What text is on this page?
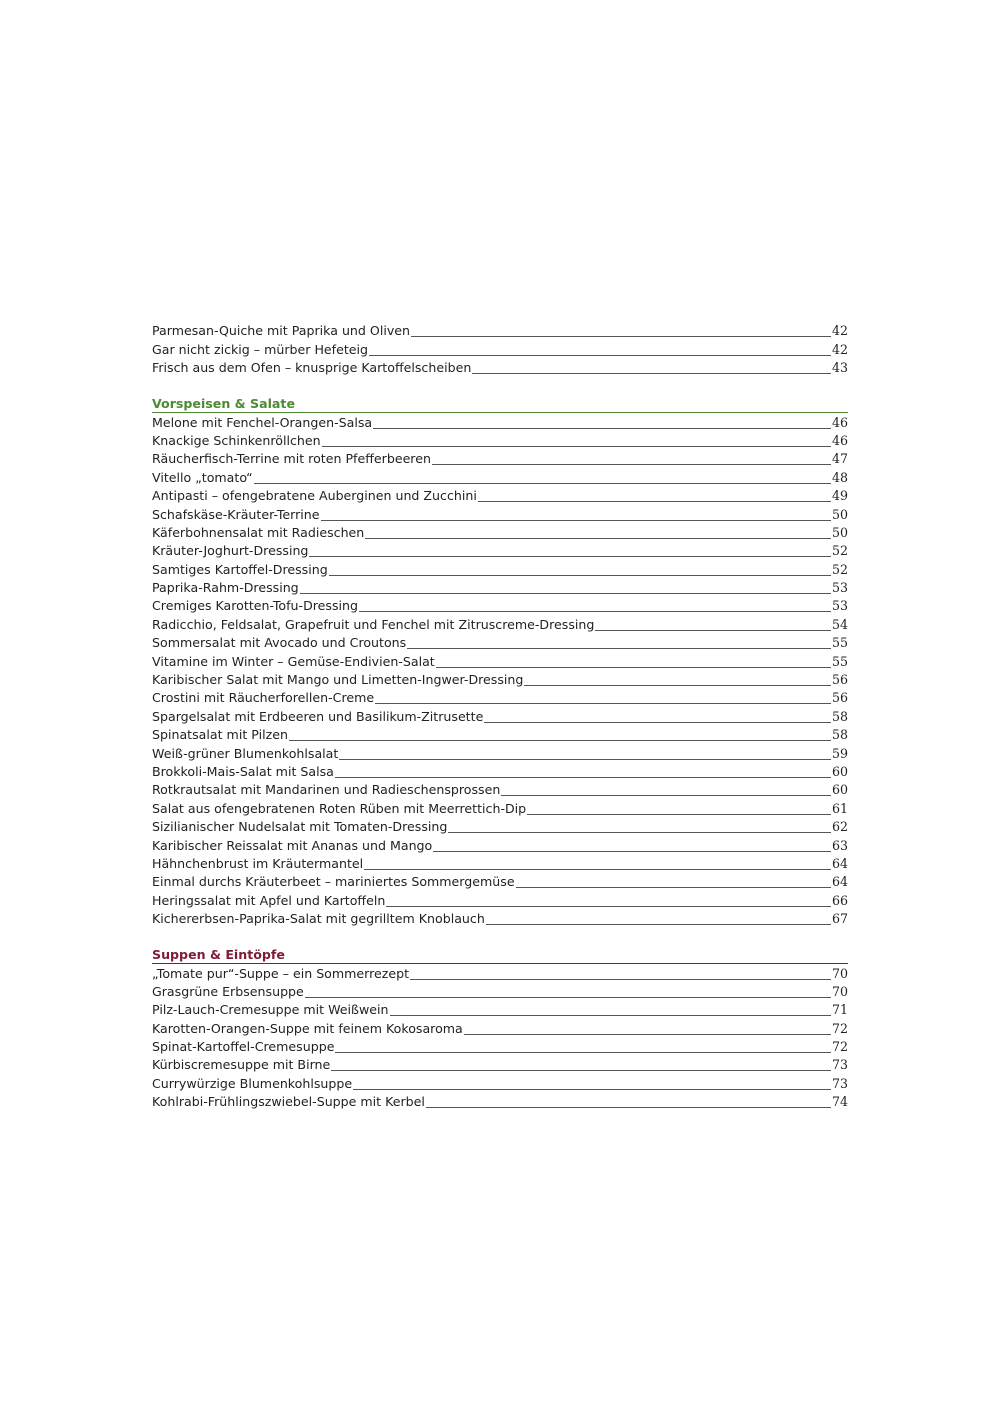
Parmesan-Quiche mit Paprika und Oliven	42
Gar nicht zickig – mürber Hefeteig	42
Frisch aus dem Ofen – knusprige Kartoffelscheiben	43
Vorspeisen & Salate
Melone mit Fenchel-Orangen-Salsa	46
Knackige Schinkenröllchen	46
Räucherfisch-Terrine mit roten Pfefferbeeren	47
Vitello „tomato“	48
Antipasti – ofengebratene Auberginen und Zucchini	49
Schafskäse-Kräuter-Terrine	50
Käferbohnensalat mit Radieschen	50
Kräuter-Joghurt-Dressing	52
Samtiges Kartoffel-Dressing	52
Paprika-Rahm-Dressing	53
Cremiges Karotten-Tofu-Dressing	53
Radicchio, Feldsalat, Grapefruit und Fenchel mit Zitruscreme-Dressing	54
Sommersalat mit Avocado und Croutons	55
Vitamine im Winter – Gemüse-Endivien-Salat	55
Karibischer Salat mit Mango und Limetten-Ingwer-Dressing	56
Crostini mit Räucherforellen-Creme	56
Spargelsalat mit Erdbeeren und Basilikum-Zitrusette	58
Spinatsalat mit Pilzen	58
Weiß-grüner Blumenkohlsalat	59
Brokkoli-Mais-Salat mit Salsa	60
Rotkrautsalat mit Mandarinen und Radieschensprossen	60
Salat aus ofengebratenen Roten Rüben mit Meerrettich-Dip	61
Sizilianischer Nudelsalat mit Tomaten-Dressing	62
Karibischer Reissalat mit Ananas und Mango	63
Hähnchenbrust im Kräutermantel	64
Einmal durchs Kräuterbeet – mariniertes Sommergemüse	64
Heringssalat mit Apfel und Kartoffeln	66
Kichererbsen-Paprika-Salat mit gegrilltem Knoblauch	67
Suppen & Eintöpfe
„Tomate pur“-Suppe – ein Sommerrezept	70
Grasgrüne Erbsensuppe	70
Pilz-Lauch-Cremesuppe mit Weißwein	71
Karotten-Orangen-Suppe mit feinem Kokosaroma	72
Spinat-Kartoffel-Cremesuppe	72
Kürbiscremesuppe mit Birne	73
Currywürzige Blumenkohlsuppe	73
Kohlrabi-Frühlingszwiebel-Suppe mit Kerbel	74
